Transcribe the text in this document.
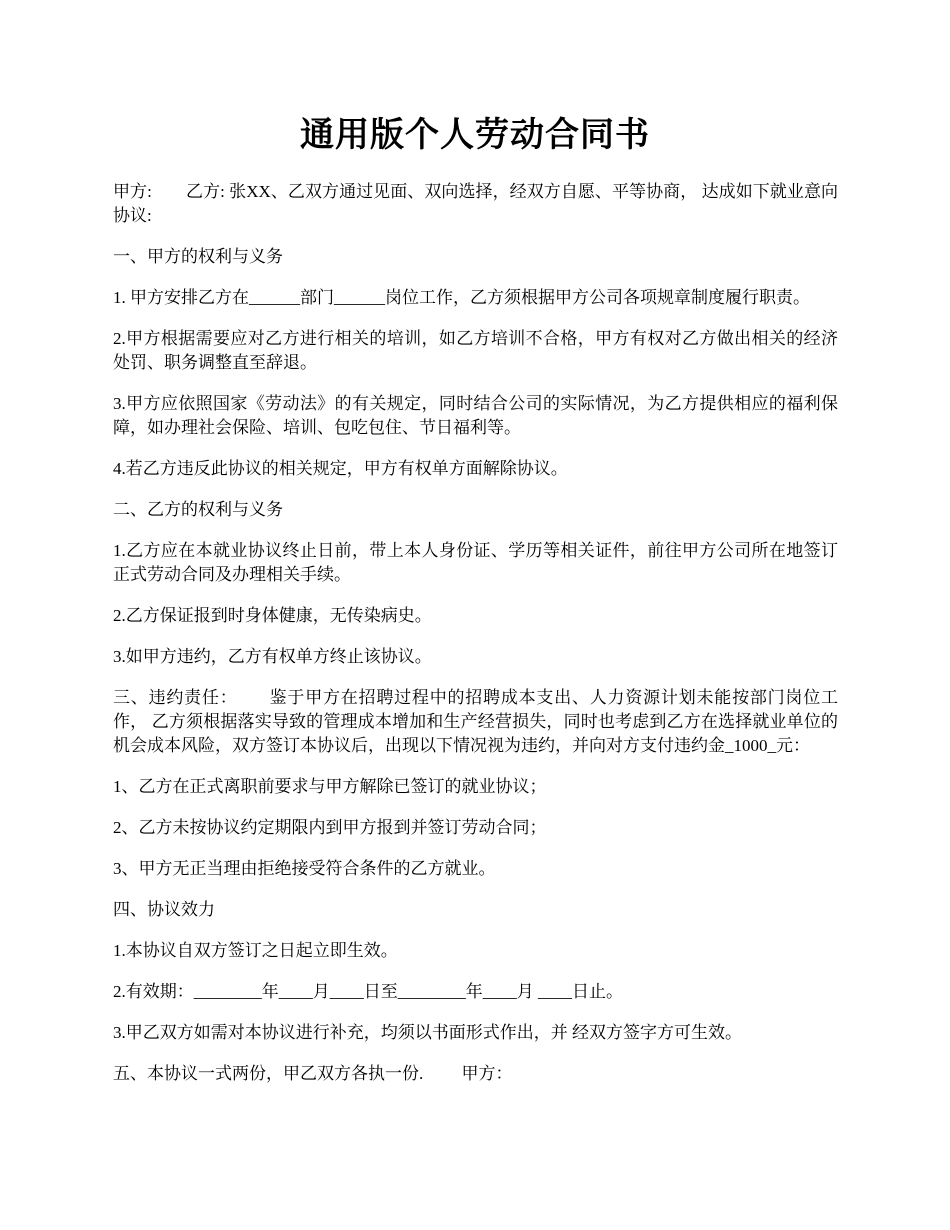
通用版个人劳动合同书

甲方:　　乙方: 张XX、乙双方通过见面、双向选择，经双方自愿、平等协商， 达成如下就业意向协议:

一、甲方的权利与义务

1. 甲方安排乙方在______部门______岗位工作，乙方须根据甲方公司各项规章制度履行职责。

2.甲方根据需要应对乙方进行相关的培训，如乙方培训不合格，甲方有权对乙方做出相关的经济处罚、职务调整直至辞退。

3.甲方应依照国家《劳动法》的有关规定，同时结合公司的实际情况，为乙方提供相应的福利保障，如办理社会保险、培训、包吃包住、节日福利等。

4.若乙方违反此协议的相关规定，甲方有权单方面解除协议。

二、乙方的权利与义务

1.乙方应在本就业协议终止日前，带上本人身份证、学历等相关证件，前往甲方公司所在地签订正式劳动合同及办理相关手续。

2.乙方保证报到时身体健康，无传染病史。

3.如甲方违约，乙方有权单方终止该协议。

三、违约责任：　　 鉴于甲方在招聘过程中的招聘成本支出、人力资源计划未能按部门岗位工作， 乙方须根据落实导致的管理成本增加和生产经营损失，同时也考虑到乙方在选择就业单位的机会成本风险，双方签订本协议后，出现以下情况视为违约，并向对方支付违约金_1000_元：

1、乙方在正式离职前要求与甲方解除已签订的就业协议；

2、乙方未按协议约定期限内到甲方报到并签订劳动合同；

3、甲方无正当理由拒绝接受符合条件的乙方就业。

四、协议效力

1.本协议自双方签订之日起立即生效。

2.有效期：________年____月____日至________年____月 ____日止。

3.甲乙双方如需对本协议进行补充，均须以书面形式作出，并 经双方签字方可生效。

五、本协议一式两份，甲乙双方各执一份.　　 甲方：
